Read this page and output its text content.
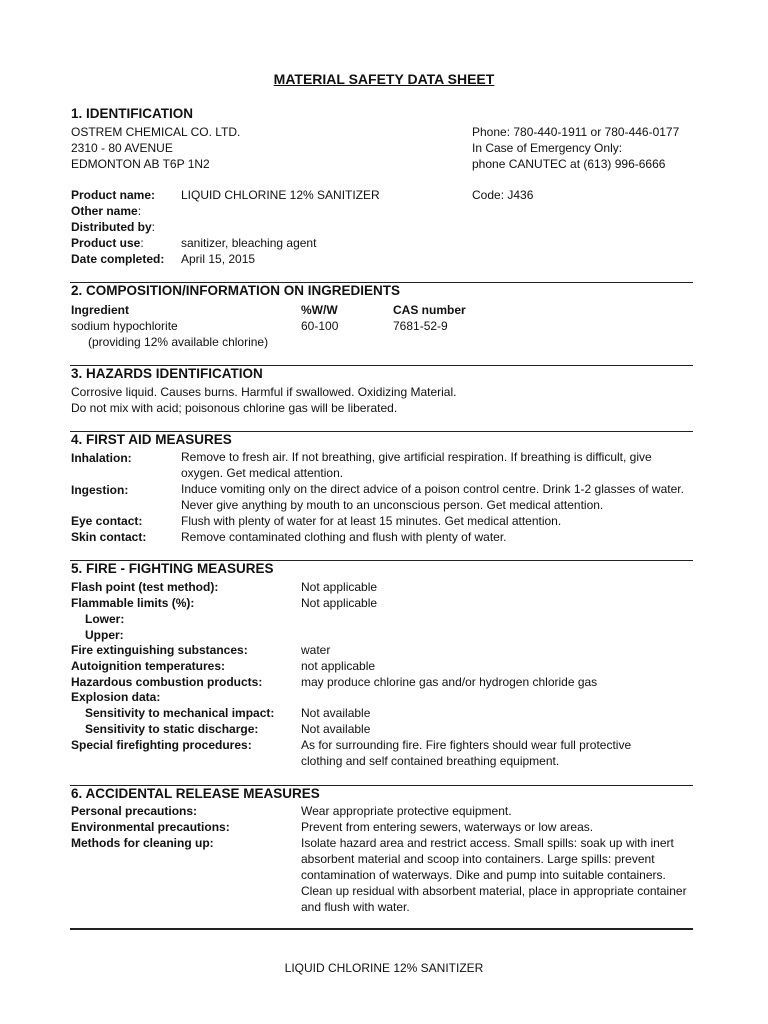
MATERIAL SAFETY DATA SHEET
1. IDENTIFICATION
OSTREM CHEMICAL CO. LTD.
2310 - 80 AVENUE
EDMONTON AB T6P 1N2
Phone: 780-440-1911 or 780-446-0177
In Case of Emergency Only:
phone CANUTEC at (613) 996-6666
Product name: LIQUID CHLORINE 12% SANITIZER	Code: J436
Other name:
Distributed by:
Product use:	sanitizer, bleaching agent
Date completed: April 15, 2015
2. COMPOSITION/INFORMATION ON INGREDIENTS
Ingredient	%W/W	CAS number
sodium hypochlorite	60-100	7681-52-9
(providing 12% available chlorine)
3. HAZARDS IDENTIFICATION
Corrosive liquid. Causes burns. Harmful if swallowed. Oxidizing Material.
Do not mix with acid; poisonous chlorine gas will be liberated.
4. FIRST AID MEASURES
Inhalation:	Remove to fresh air. If not breathing, give artificial respiration. If breathing is difficult, give oxygen. Get medical attention.
Ingestion:	Induce vomiting only on the direct advice of a poison control centre. Drink 1-2 glasses of water. Never give anything by mouth to an unconscious person. Get medical attention.
Eye contact:	Flush with plenty of water for at least 15 minutes. Get medical attention.
Skin contact:	Remove contaminated clothing and flush with plenty of water.
5. FIRE - FIGHTING MEASURES
Flash point (test method):	Not applicable
Flammable limits (%):	Not applicable
Lower:
Upper:
Fire extinguishing substances:	water
Autoignition temperatures:	not applicable
Hazardous combustion products:	may produce chlorine gas and/or hydrogen chloride gas
Explosion data:
Sensitivity to mechanical impact: Not available
Sensitivity to static discharge:	Not available
Special firefighting procedures:	As for surrounding fire. Fire fighters should wear full protective clothing and self contained breathing equipment.
6. ACCIDENTAL RELEASE MEASURES
Personal precautions:	Wear appropriate protective equipment.
Environmental precautions:	Prevent from entering sewers, waterways or low areas.
Methods for cleaning up:	Isolate hazard area and restrict access. Small spills: soak up with inert absorbent material and scoop into containers. Large spills: prevent contamination of waterways. Dike and pump into suitable containers. Clean up residual with absorbent material, place in appropriate container and flush with water.
LIQUID CHLORINE 12% SANITIZER
